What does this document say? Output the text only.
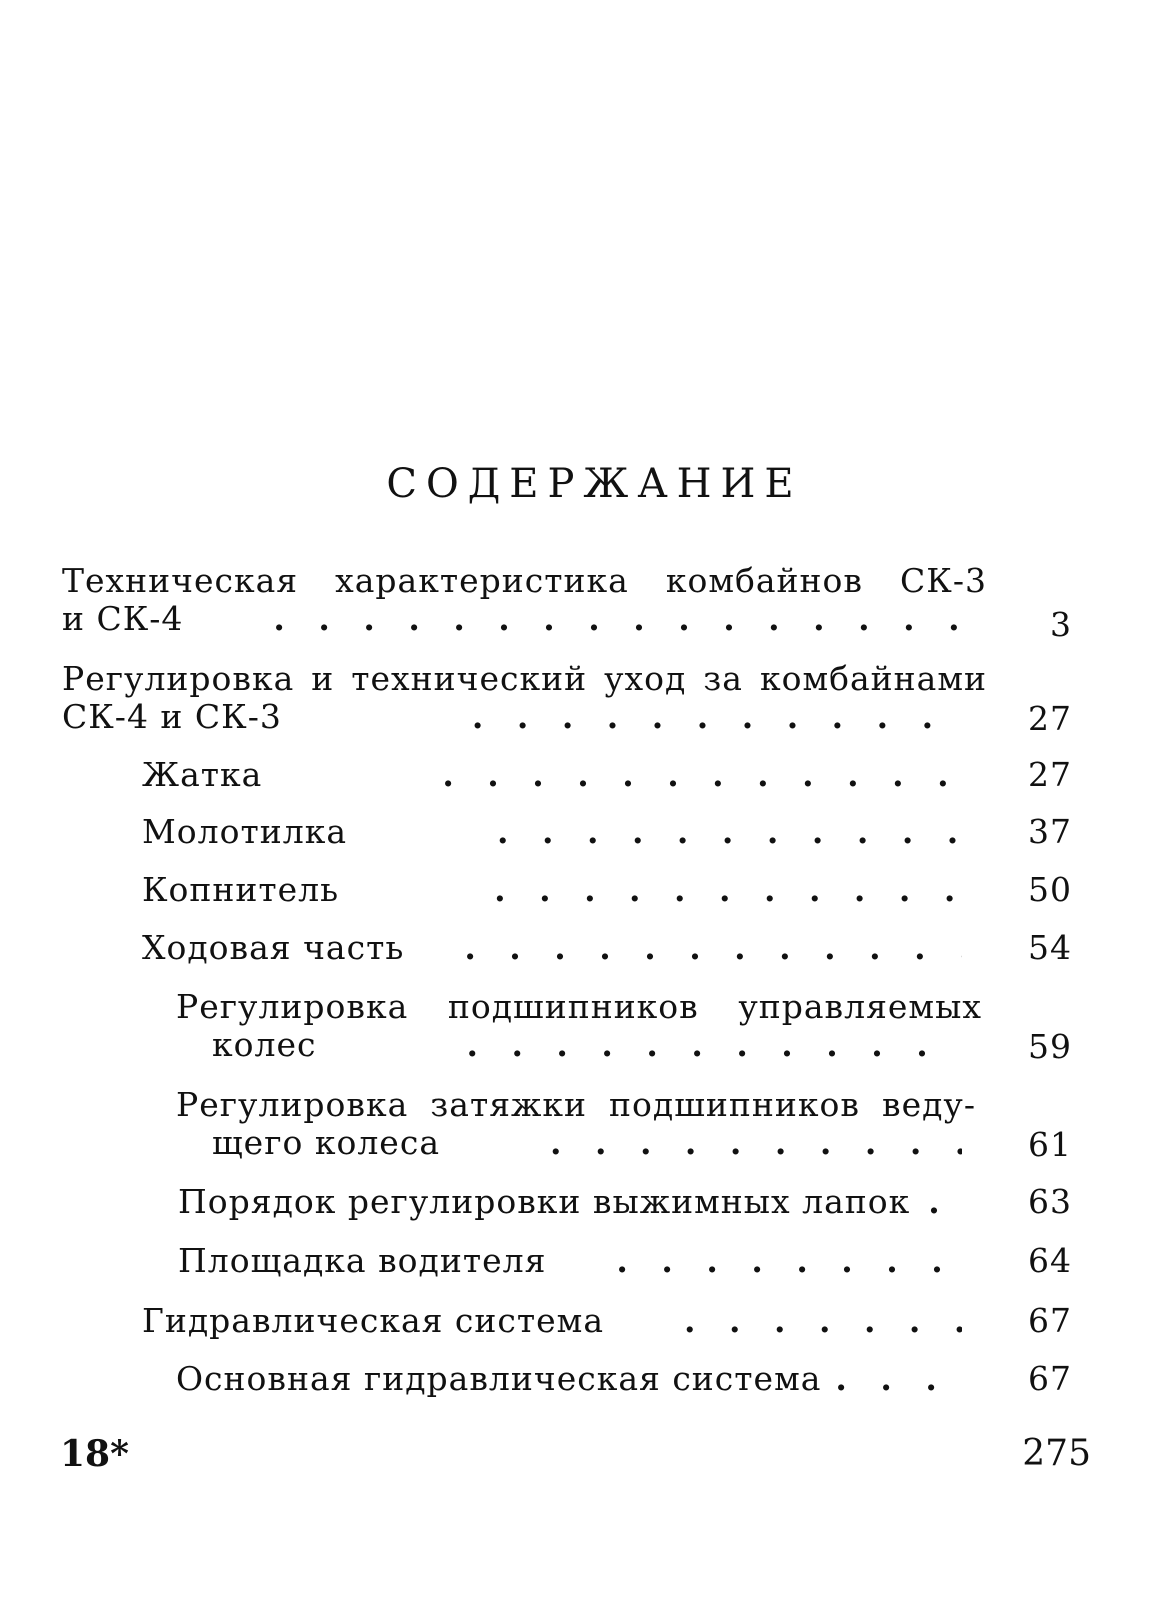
СОДЕРЖАНИЕ
Техническая характеристика комбайнов СК-3
и СК-4 . . .	3
Регулировка и технический уход за комбайнами
СК-4 и СК-3 . . .	27
Жатка . . .	27
Молотилка . . .	37
Копнитель . . .	50
Ходовая часть . . .	54
Регулировка подшипников управляемых
колес . . .	59
Регулировка затяжки подшипников веду-
щего колеса . . .	61
Порядок регулировки выжимных лапок . . .	63
Площадка водителя . . .	64
Гидравлическая система . . .	67
Основная гидравлическая система . . .	67
18*	275
